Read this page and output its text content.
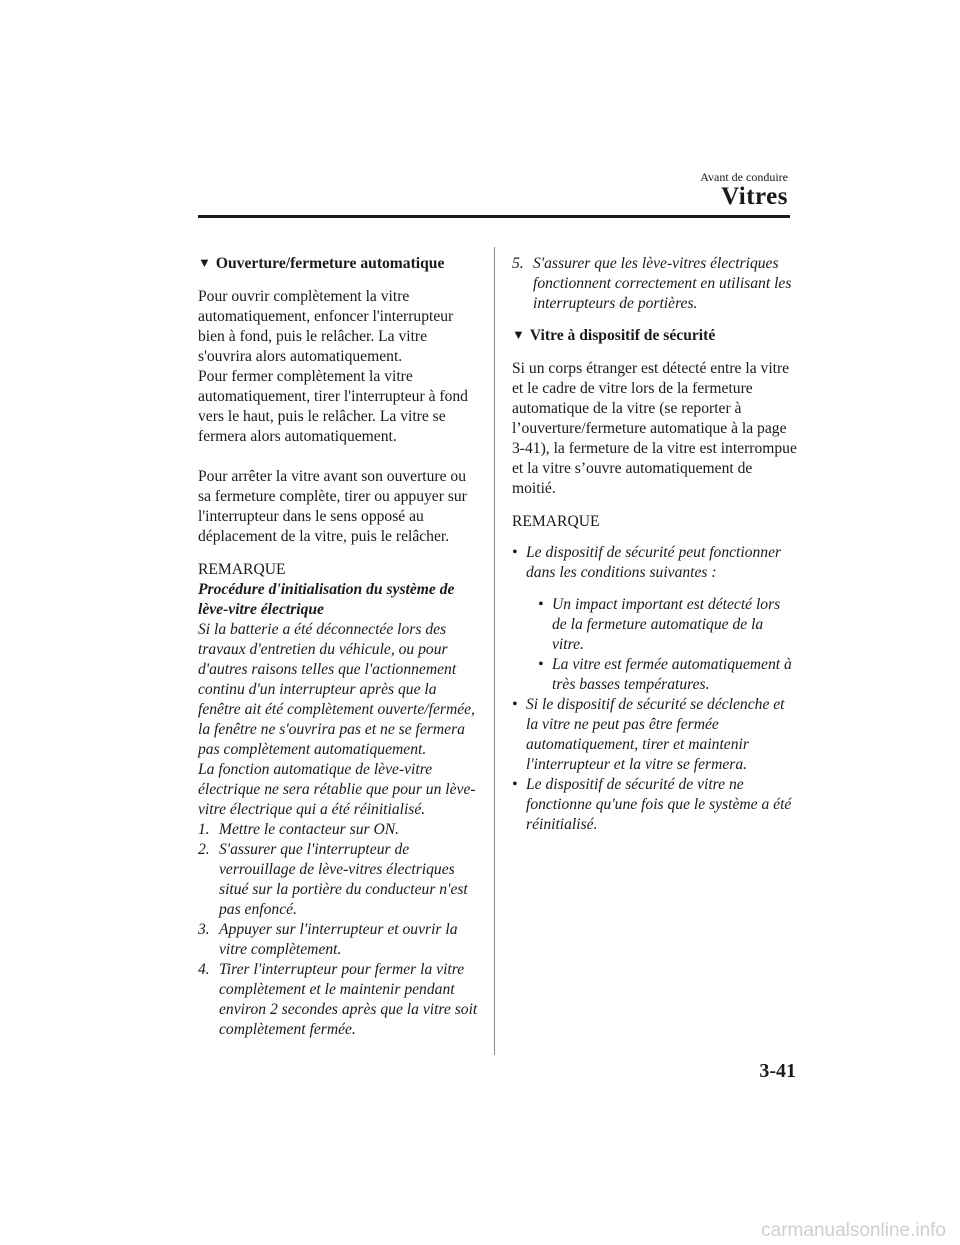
Avant de conduire
Vitres

▼ Ouverture/fermeture automatique

Pour ouvrir complètement la vitre automatiquement, enfoncer l'interrupteur bien à fond, puis le relâcher. La vitre s'ouvrira alors automatiquement.

Pour fermer complètement la vitre automatiquement, tirer l'interrupteur à fond vers le haut, puis le relâcher. La vitre se fermera alors automatiquement.

Pour arrêter la vitre avant son ouverture ou sa fermeture complète, tirer ou appuyer sur l'interrupteur dans le sens opposé au déplacement de la vitre, puis le relâcher.

REMARQUE

Procédure d'initialisation du système de lève-vitre électrique

Si la batterie a été déconnectée lors des travaux d'entretien du véhicule, ou pour d'autres raisons telles que l'actionnement continu d'un interrupteur après que la fenêtre ait été complètement ouverte/fermée, la fenêtre ne s'ouvrira pas et ne se fermera pas complètement automatiquement.

La fonction automatique de lève-vitre électrique ne sera rétablie que pour un lève-vitre électrique qui a été réinitialisé.

1. Mettre le contacteur sur ON.
2. S'assurer que l'interrupteur de verrouillage de lève-vitres électriques situé sur la portière du conducteur n'est pas enfoncé.
3. Appuyer sur l'interrupteur et ouvrir la vitre complètement.
4. Tirer l'interrupteur pour fermer la vitre complètement et le maintenir pendant environ 2 secondes après que la vitre soit complètement fermée.
5. S'assurer que les lève-vitres électriques fonctionnent correctement en utilisant les interrupteurs de portières.

▼ Vitre à dispositif de sécurité

Si un corps étranger est détecté entre la vitre et le cadre de vitre lors de la fermeture automatique de la vitre (se reporter à l’ouverture/fermeture automatique à la page 3-41), la fermeture de la vitre est interrompue et la vitre s’ouvre automatiquement de moitié.

REMARQUE

• Le dispositif de sécurité peut fonctionner dans les conditions suivantes :
• Un impact important est détecté lors de la fermeture automatique de la vitre.
• La vitre est fermée automatiquement à très basses températures.
• Si le dispositif de sécurité se déclenche et la vitre ne peut pas être fermée automatiquement, tirer et maintenir l'interrupteur et la vitre se fermera.
• Le dispositif de sécurité de vitre ne fonctionne qu'une fois que le système a été réinitialisé.
3-41
carmanualsonline.info
